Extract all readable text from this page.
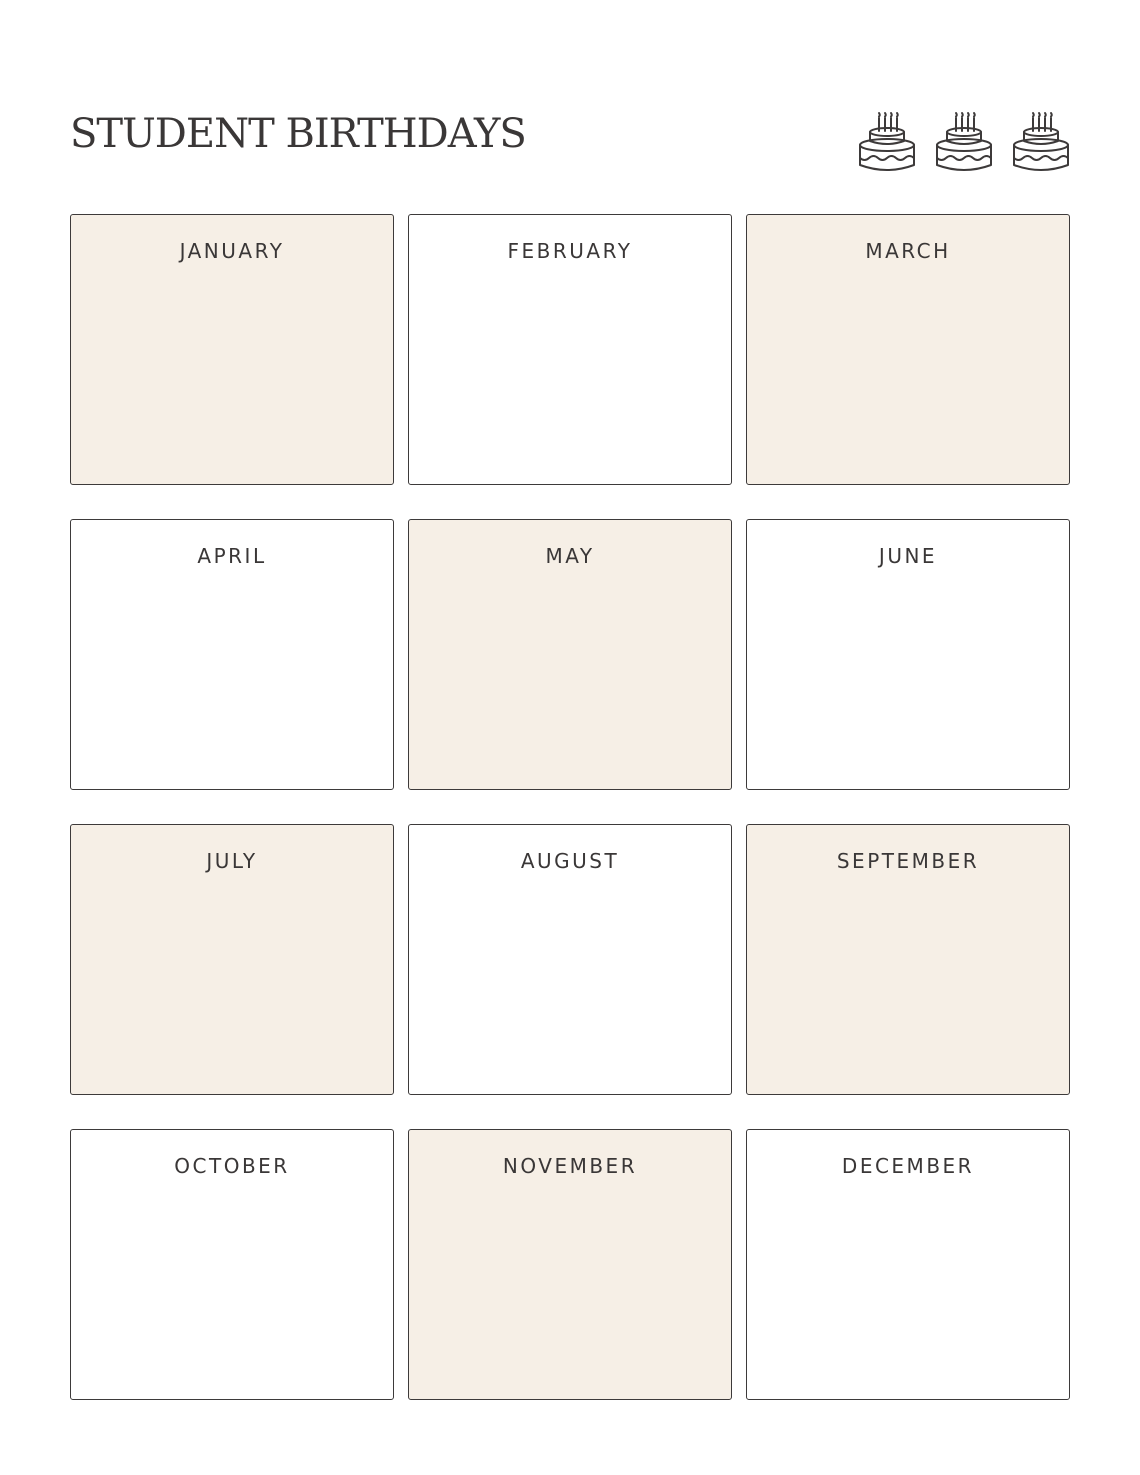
STUDENT BIRTHDAYS
JANUARY	FEBRUARY	MARCH
APRIL	MAY	JUNE
JULY	AUGUST	SEPTEMBER
OCTOBER	NOVEMBER	DECEMBER
